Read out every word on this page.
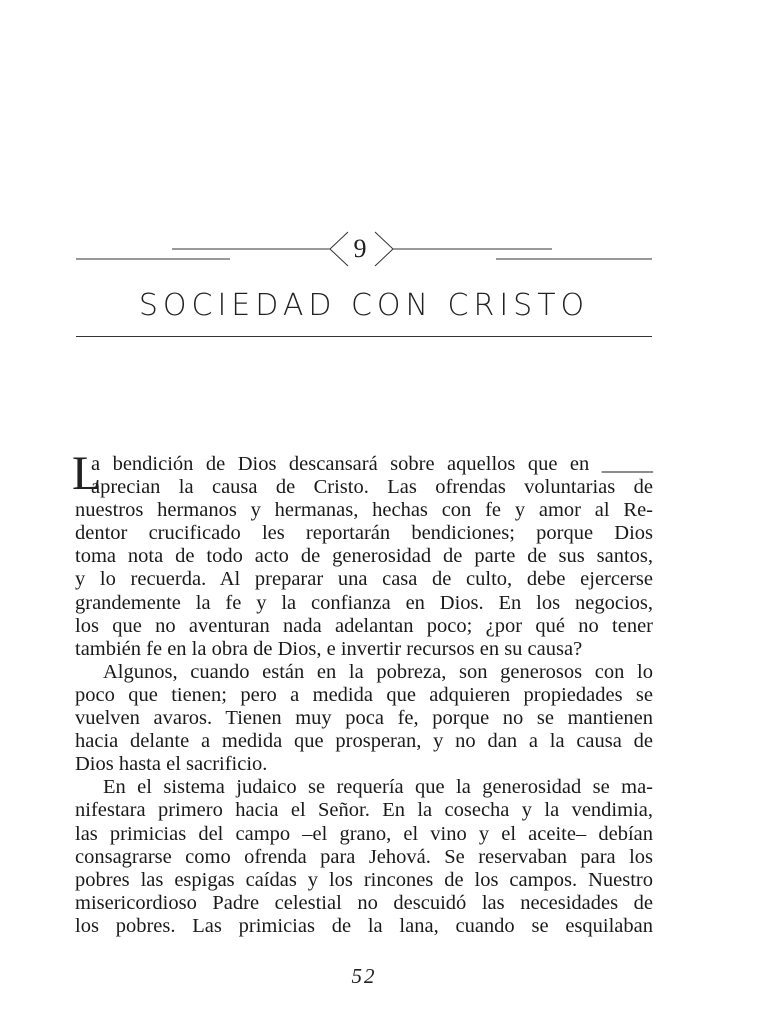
9
SOCIEDAD CON CRISTO
L
a bendición de Dios descansará sobre aquellos que en _____
aprecian la causa de Cristo. Las ofrendas voluntarias de
nuestros hermanos y hermanas, hechas con fe y amor al Re-
dentor crucificado les reportarán bendiciones; porque Dios
toma nota de todo acto de generosidad de parte de sus santos,
y lo recuerda. Al preparar una casa de culto, debe ejercerse
grandemente la fe y la confianza en Dios. En los negocios,
los que no aventuran nada adelantan poco; ¿por qué no tener
también fe en la obra de Dios, e invertir recursos en su causa?
Algunos, cuando están en la pobreza, son generosos con lo
poco que tienen; pero a medida que adquieren propiedades se
vuelven avaros. Tienen muy poca fe, porque no se mantienen
hacia delante a medida que prosperan, y no dan a la causa de
Dios hasta el sacrificio.
En el sistema judaico se requería que la generosidad se ma-
nifestara primero hacia el Señor. En la cosecha y la vendimia,
las primicias del campo –el grano, el vino y el aceite– debían
consagrarse como ofrenda para Jehová. Se reservaban para los
pobres las espigas caídas y los rincones de los campos. Nuestro
misericordioso Padre celestial no descuidó las necesidades de
los pobres. Las primicias de la lana, cuando se esquilaban
52
